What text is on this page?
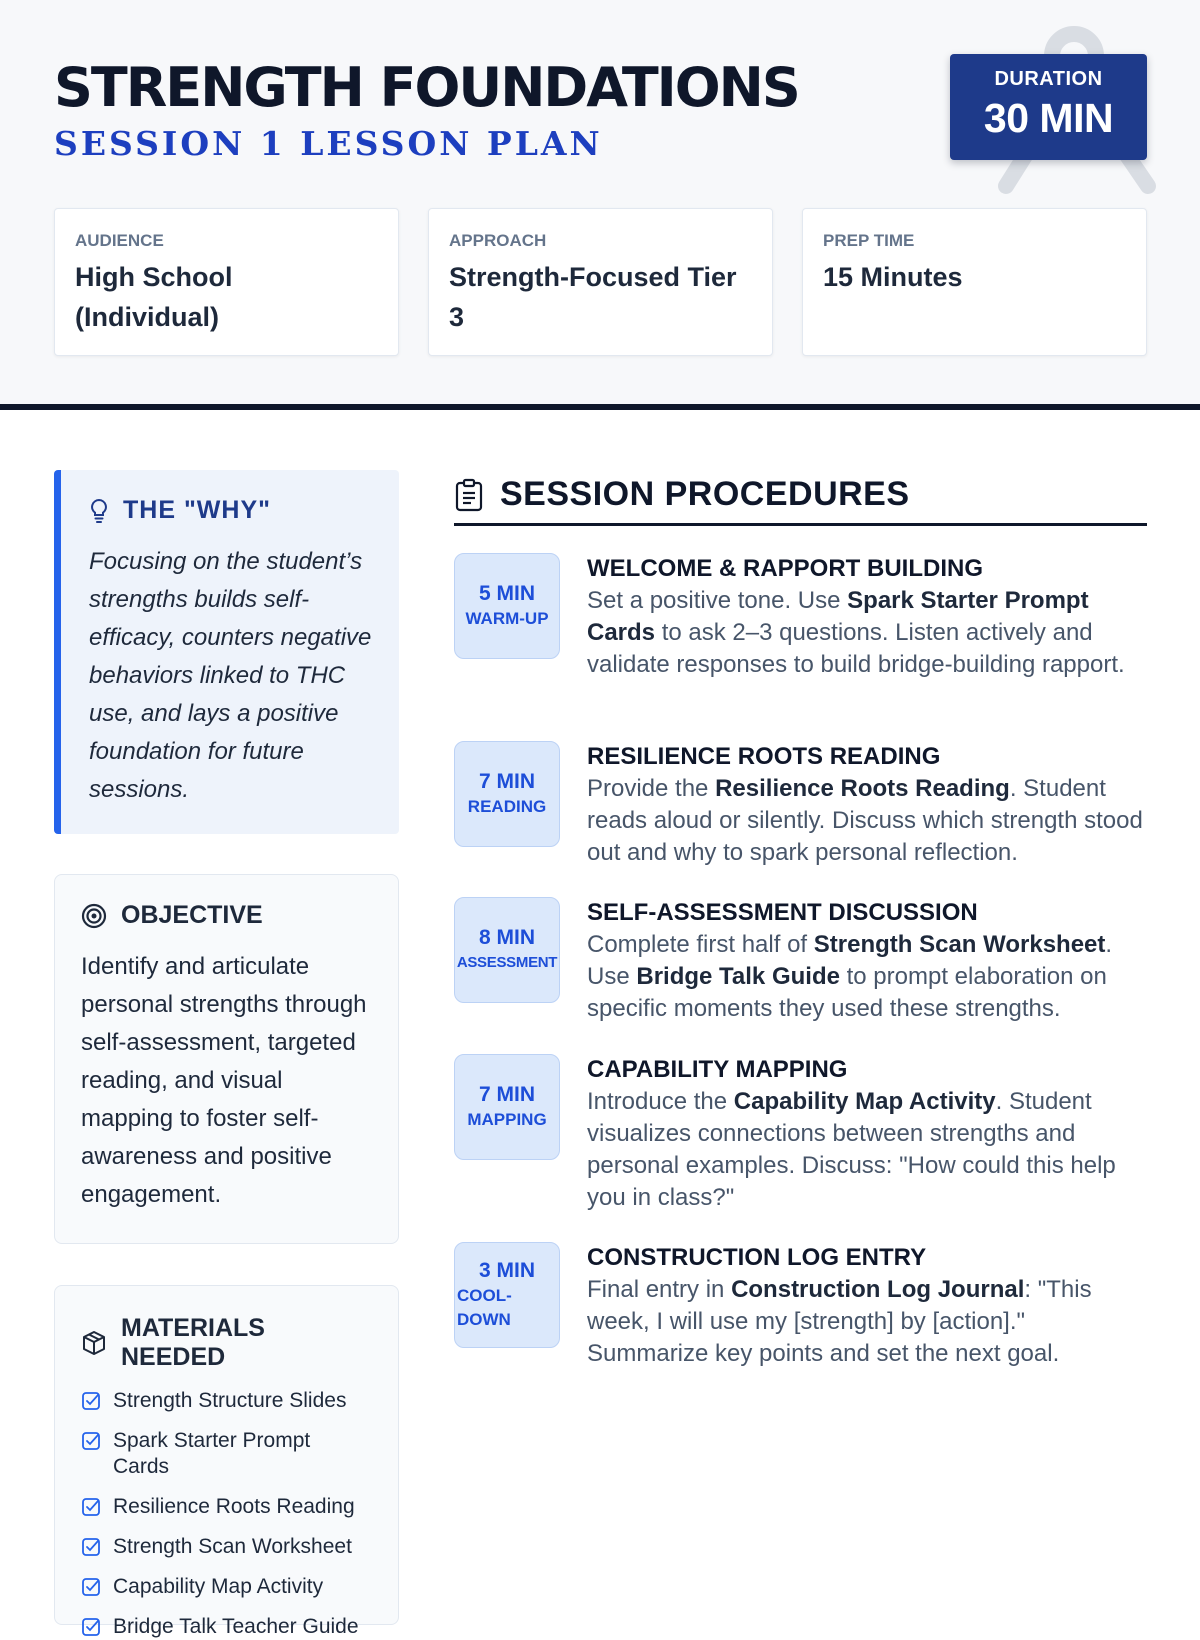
STRENGTH FOUNDATIONS
SESSION 1 LESSON PLAN
DURATION
30 MIN
AUDIENCE
High School (Individual)
APPROACH
Strength-Focused Tier 3
PREP TIME
15 Minutes
THE "WHY"

Focusing on the student’s strengths builds self-efficacy, counters negative behaviors linked to THC use, and lays a positive foundation for future sessions.

OBJECTIVE

Identify and articulate personal strengths through self-assessment, targeted reading, and visual mapping to foster self-awareness and positive engagement.

MATERIALS NEEDED
Strength Structure Slides
Spark Starter Prompt Cards
Resilience Roots Reading
Strength Scan Worksheet
Capability Map Activity
Bridge Talk Teacher Guide
SESSION PROCEDURES
5 MIN
WARM-UP
WELCOME & RAPPORT BUILDING

Set a positive tone. Use Spark Starter Prompt Cards to ask 2–3 questions. Listen actively and validate responses to build bridge-building rapport.

7 MIN
READING
RESILIENCE ROOTS READING

Provide the Resilience Roots Reading. Student reads aloud or silently. Discuss which strength stood out and why to spark personal reflection.

8 MIN
ASSESSMENT
SELF-ASSESSMENT DISCUSSION

Complete first half of Strength Scan Worksheet. Use Bridge Talk Guide to prompt elaboration on specific moments they used these strengths.

7 MIN
MAPPING
CAPABILITY MAPPING

Introduce the Capability Map Activity. Student visualizes connections between strengths and personal examples. Discuss: "How could this help you in class?"

3 MIN
COOL-DOWN
CONSTRUCTION LOG ENTRY

Final entry in Construction Log Journal: "This week, I will use my [strength] by [action]." Summarize key points and set the next goal.
